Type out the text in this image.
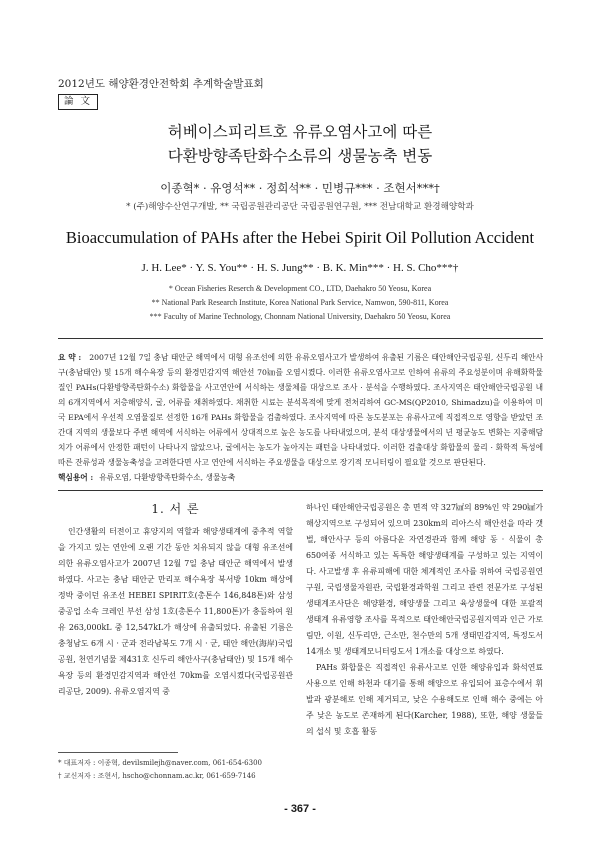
2012년도 해양환경안전학회 추계학술발표회
論 文
허베이스피리트호 유류오염사고에 따른
다환방향족탄화수소류의 생물농축 변동
이종혁* · 유영석** · 정희석** · 민병규*** · 조현서***†
* (주)해양수산연구개발, ** 국립공원관리공단 국립공원연구원, *** 전남대학교 환경해양학과
Bioaccumulation of PAHs after the Hebei Spirit Oil Pollution Accident
J. H. Lee* · Y. S. You** · H. S. Jung** · B. K. Min*** · H. S. Cho***†
* Ocean Fisheries Reserch & Development CO., LTD, Daehakro 50 Yeosu, Korea
** National Park Research Institute, Korea National Park Service, Namwon, 590-811, Korea
*** Faculty of Marine Technology, Chonnam National University, Daehakro 50 Yeosu, Korea
요 약 : 2007년 12월 7일 충남 태안군 해역에서 대형 유조선에 의한 유류오염사고가 발생하여 유출된 기름은 태안해안국립공원, 신두리 해안사구(충남태안) 및 15개 해수욕장 등의 환경민감지역 해안선 70㎞를 오염시켰다. 이러한 유류오염사고로 인하여 유류의 주요성분이며 유해화학물질인 PAHs(다환방향족탄화수소) 화합물을 사고연안에 서식하는 생물체를 대상으로 조사 · 분석을 수행하였다. 조사지역은 태안해안국립공원 내의 6개지역에서 저층해양식, 굴, 어류를 채취하였다. 채취한 시료는 분석목적에 맞게 전처리하여 GC-MS(QP2010, Shimadzu)을 이용하여 미국 EPA에서 우선적 오염물질로 선정한 16개 PAHs 화합물을 검출하였다. 조사지역에 따른 농도분포는 유류사고에 직접적으로 영향을 받았던 조간대 지역의 생물보다 주변 해역에 서식하는 어류에서 상대적으로 높은 농도를 나타내었으며, 분석 대상생물에서의 년 평균농도 변화는 지중해담치가 어류에서 안정한 패턴이 나타나지 않았으나, 굴에서는 농도가 높아지는 패턴을 나타내었다. 이러한 검출대상 화합물의 물리 · 화학적 특성에 따른 잔류성과 생물농축성을 고려한다면 사고 연안에 서식하는 주요생물을 대상으로 장기적 모니터링이 필요할 것으로 판단된다.
핵심용어 : 유류오염, 다환방향족탄화수소, 생물농축
1. 서 론

인간생활의 터전이고 휴양지의 역할과 해양생태계에 중추적 역할을 가지고 있는 연안에 오랜 기간 동안 치유되지 않을 대형 유조선에 의한 유류오염사고가 2007년 12월 7일 충남 태안군 해역에서 발생하였다. 사고는 충남 태안군 만리포 해수욕장 북서방 10km 해상에 정박 중이던 유조선 HEBEI SPIRIT호(총톤수 146,848톤)와 삼성중공업 소속 크레인 부선 삼성 1호(총톤수 11,800톤)가 충돌하여 원유 263,000kL 중 12,547kL가 해상에 유출되었다. 유출된 기름은 충청남도 6개 시 · 군과 전라남북도 7개 시 · 군, 태안 해안(海岸)국립공원, 천연기념물 제431호 신두리 해안사구(충남태안) 및 15개 해수욕장 등의 환경민감지역과 해안선 70km를 오염시켰다(국립공원관리공단, 2009). 유류오염지역 중

하나인 태안해안국립공원은 총 면적 약 327㎢의 89%인 약 290㎢가 해상지역으로 구성되어 있으며 230km의 리아스식 해안선을 따라 갯벌, 해안사구 등의 아름다운 자연경관과 함께 해양 동 · 식물이 총 650여종 서식하고 있는 독특한 해양생태계를 구성하고 있는 지역이다. 사고발생 후 유류피해에 대한 체계적인 조사를 위하여 국립공원연구원, 국립생물자원관, 국립환경과학원 그리고 관련 전문가로 구성된 생태계조사단은 해양환경, 해양생물 그리고 육상생물에 대한 포괄적 생태계 유류영향 조사를 목적으로 태안해안국립공원지역과 인근 가로림만, 이원, 신두리만, 근소만, 천수만의 5개 생태민감지역, 특정도서 14개소 및 생태계모니터링도서 1개소를 대상으로 하였다.

PAHs 화합물은 직접적인 유류사고로 인한 해양유입과 화석연료 사용으로 인해 하천과 대기를 통해 해양으로 유입되어 표층수에서 휘발과 광분해로 인해 제거되고, 낮은 수용해도로 인해 해수 중에는 아주 낮은 농도로 존재하게 된다(Karcher, 1988), 또한, 해양 생물들의 섭식 및 호흡 활동

* 대표저자 : 이종혁, devilsmilejh@naver.com, 061-654-6300
† 교신저자 : 조현서, hscho@chonnam.ac.kr, 061-659-7146
- 367 -
